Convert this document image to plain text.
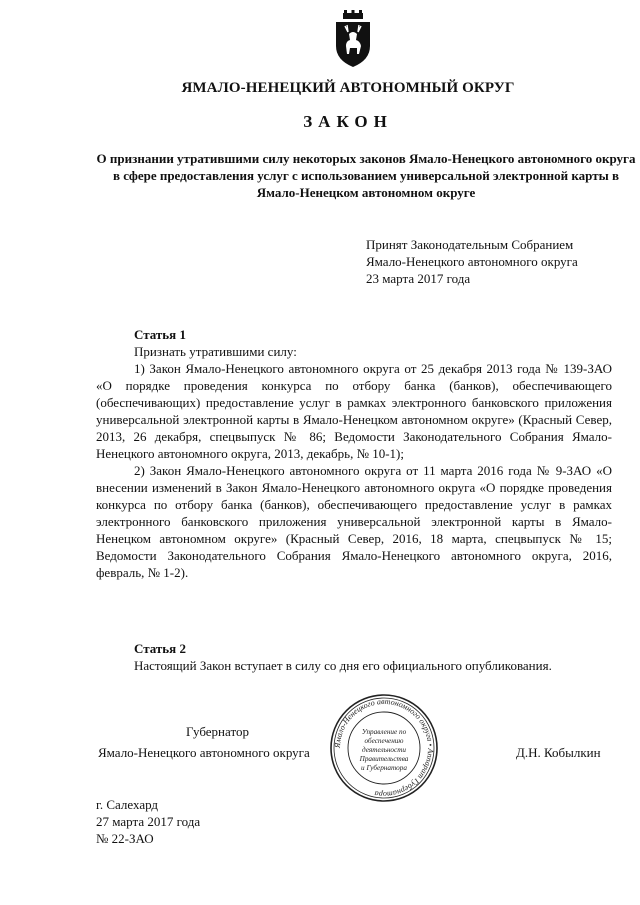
ЯМАЛО-НЕНЕЦКИЙ АВТОНОМНЫЙ ОКРУГ
ЗАКОН
О признании утратившими силу некоторых законов Ямало-Ненецкого автономного округа в сфере предоставления услуг с использованием универсальной электронной карты в Ямало-Ненецком автономном округе
Принят Законодательным Собранием
Ямало-Ненецкого автономного округа
23 марта 2017 года
Статья 1

Признать утратившими силу:

1) Закон Ямало-Ненецкого автономного округа от 25 декабря 2013 года № 139-ЗАО «О порядке проведения конкурса по отбору банка (банков), обеспечивающего (обеспечивающих) предоставление услуг в рамках электронного банковского приложения универсальной электронной карты в Ямало-Ненецком автономном округе» (Красный Север, 2013, 26 декабря, спецвыпуск № 86; Ведомости Законодательного Собрания Ямало-Ненецкого автономного округа, 2013, декабрь, № 10-1);

2) Закон Ямало-Ненецкого автономного округа от 11 марта 2016 года № 9-ЗАО «О внесении изменений в Закон Ямало-Ненецкого автономного округа «О порядке проведения конкурса по отбору банка (банков), обеспечивающего предоставление услуг в рамках электронного банковского приложения универсальной электронной карты в Ямало-Ненецком автономном округе» (Красный Север, 2016, 18 марта, спецвыпуск № 15; Ведомости Законодательного Собрания Ямало-Ненецкого автономного округа, 2016, февраль, № 1-2).

Статья 2

Настоящий Закон вступает в силу со дня его официального опубликования.

Губернатор
Ямало-Ненецкого автономного округа	Д.Н. Кобылкин
Ямало-Ненецкого автономного округа • Аппарат Губернатора
Управление по
обеспечению
деятельности
Правительства
и Губернатора
г. Салехард
27 марта 2017 года
№ 22-ЗАО
